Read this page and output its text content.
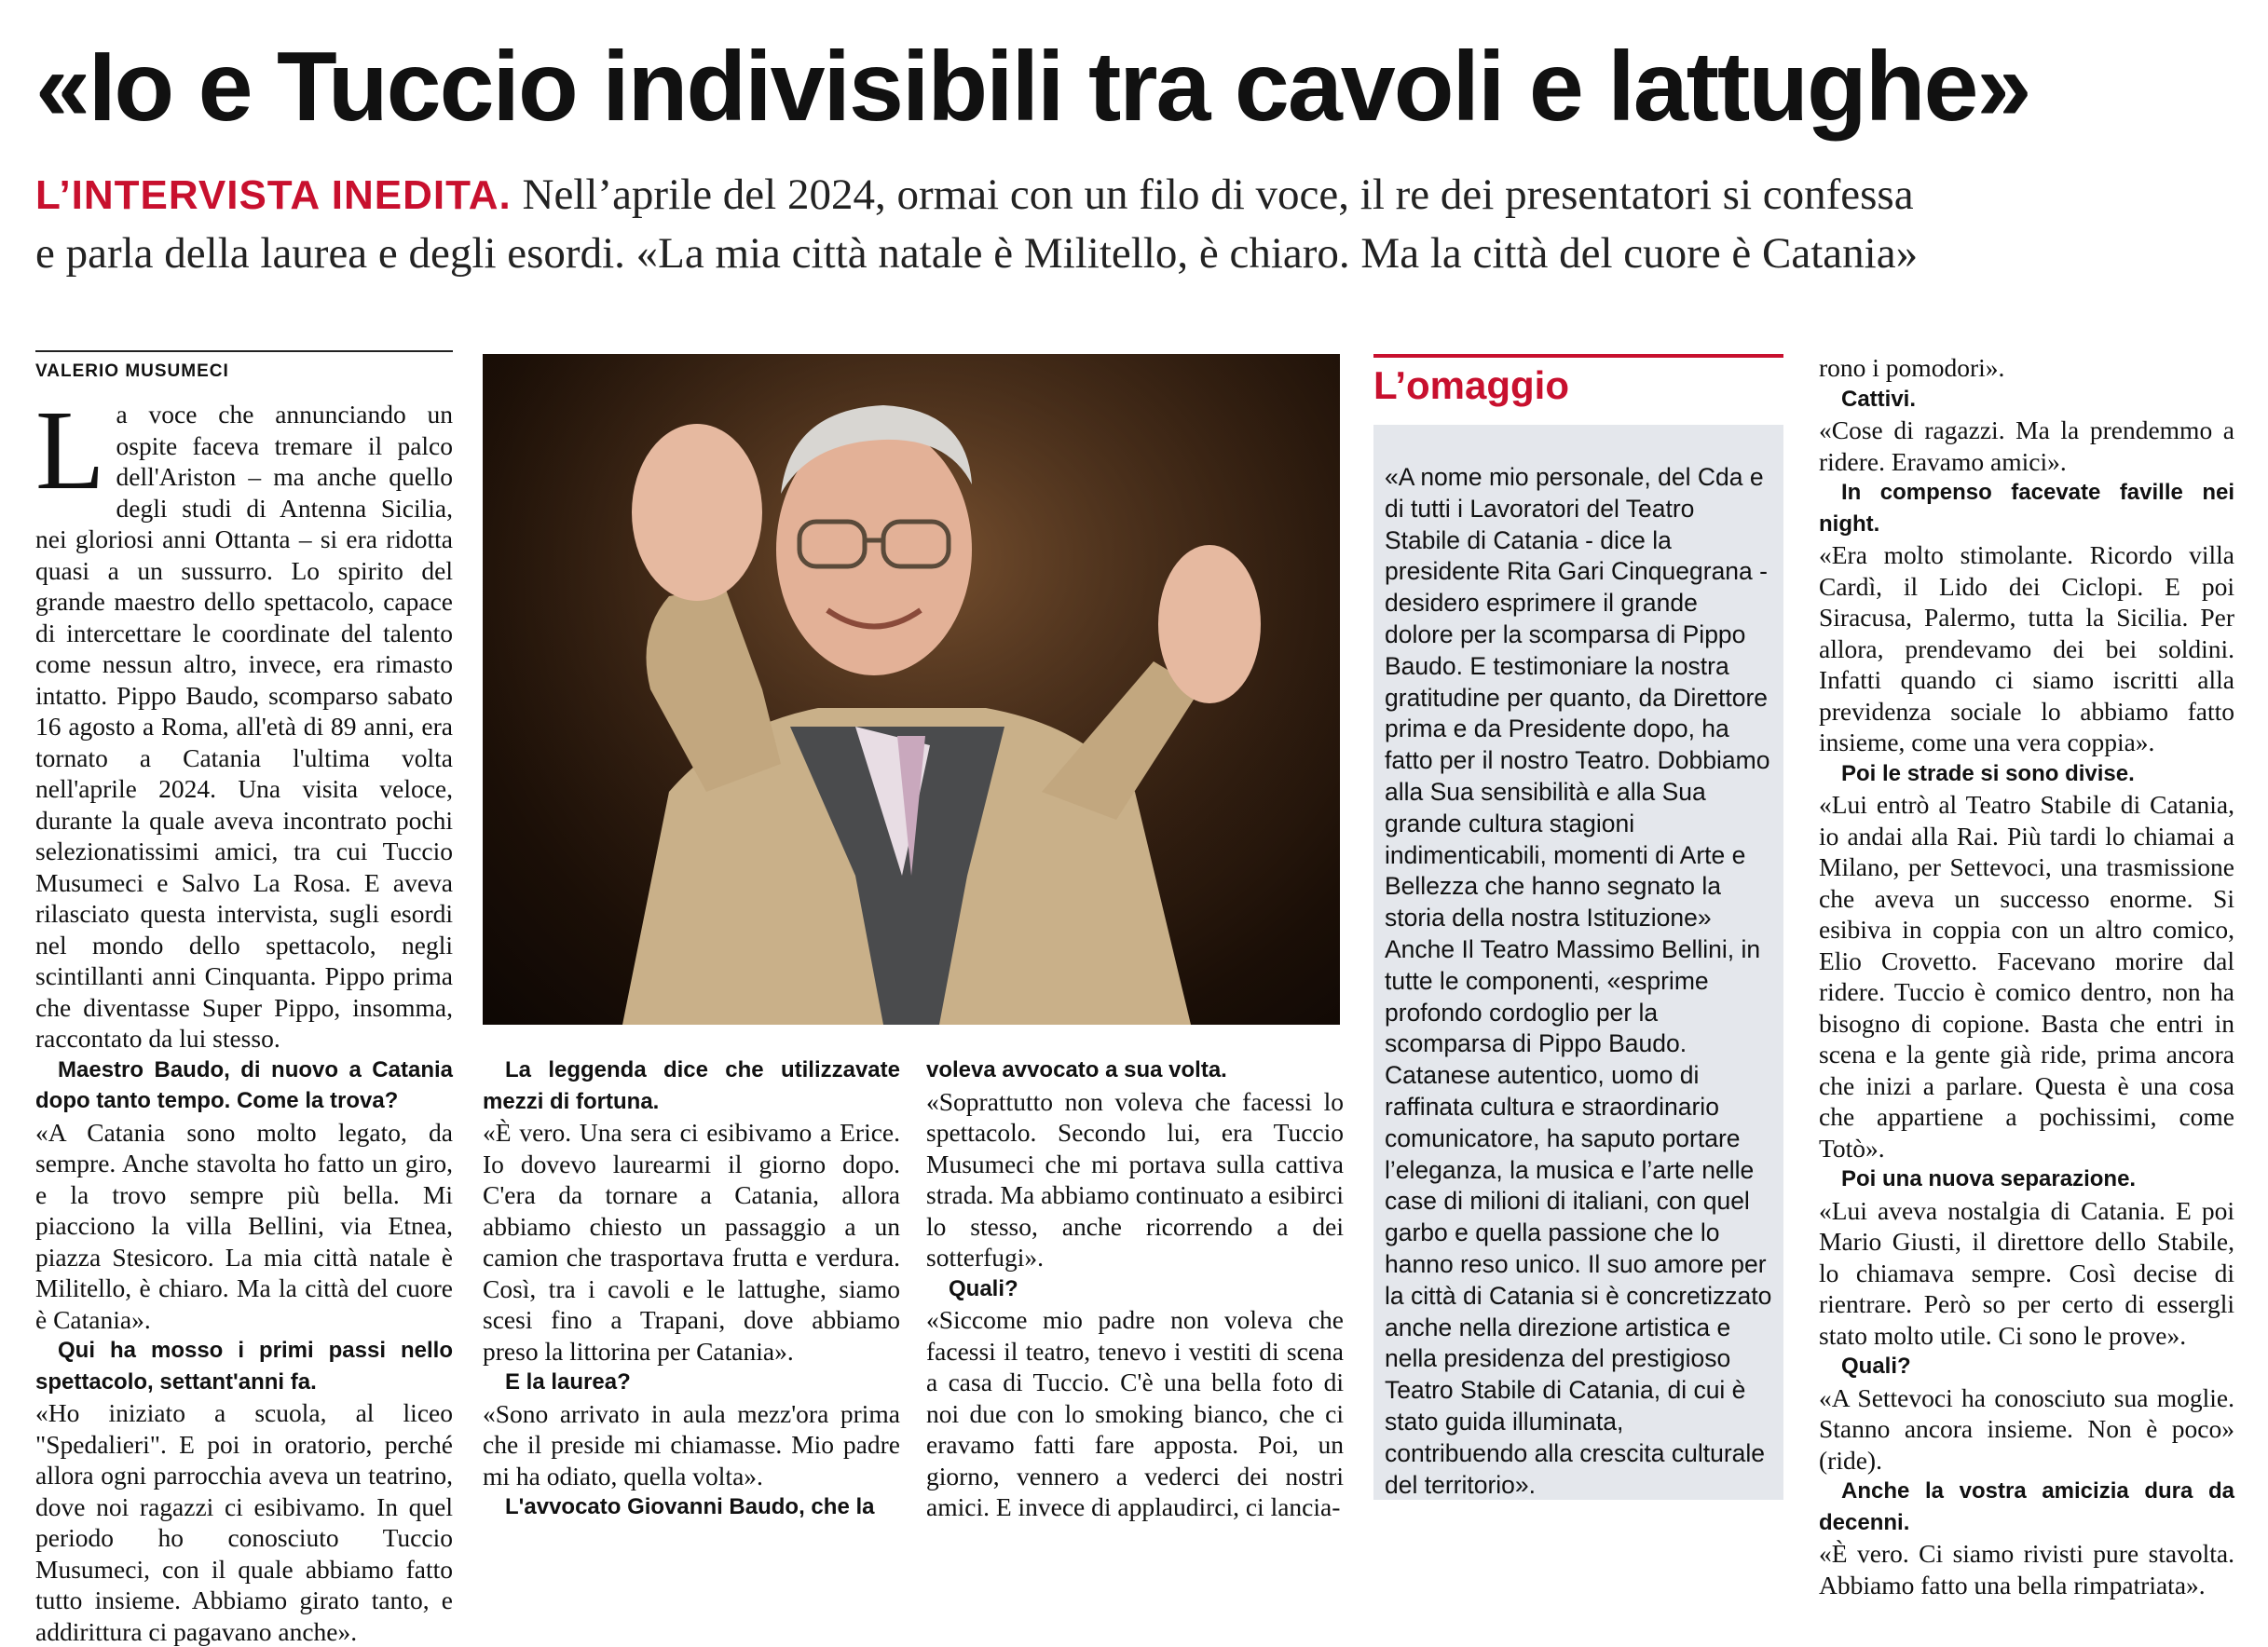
«Io e Tuccio indivisibili tra cavoli e lattughe»
L’INTERVISTA INEDITA. Nell’aprile del 2024, ormai con un filo di voce, il re dei presentatori si confessa
e parla della laurea e degli esordi. «La mia città natale è Militello, è chiaro. Ma la città del cuore è Catania»
VALERIO MUSUMECI

La voce che annunciando un ospite faceva tremare il palco dell'Ariston – ma anche quello degli studi di Antenna Sicilia, nei gloriosi anni Ottanta – si era ridotta quasi a un sussurro. Lo spirito del grande maestro dello spettacolo, capace di intercettare le coordinate del talento come nessun altro, invece, era rimasto intatto. Pippo Baudo, scomparso sabato 16 agosto a Roma, all'età di 89 anni, era tornato a Catania l'ultima volta nell'aprile 2024. Una visita veloce, durante la quale aveva incontrato pochi selezionatissimi amici, tra cui Tuccio Musumeci e Salvo La Rosa. E aveva rilasciato questa intervista, sugli esordi nel mondo dello spettacolo, negli scintillanti anni Cinquanta. Pippo prima che diventasse Super Pippo, insomma, raccontato da lui stesso.

Maestro Baudo, di nuovo a Catania dopo tanto tempo. Come la trova?

«A Catania sono molto legato, da sempre. Anche stavolta ho fatto un giro, e la trovo sempre più bella. Mi piacciono la villa Bellini, via Etnea, piazza Stesicoro. La mia città natale è Militello, è chiaro. Ma la città del cuore è Catania».

Qui ha mosso i primi passi nello spettacolo, settant'anni fa.

«Ho iniziato a scuola, al liceo "Spedalieri". E poi in oratorio, perché allora ogni parrocchia aveva un teatrino, dove noi ragazzi ci esibivamo. In quel periodo ho conosciuto Tuccio Musumeci, con il quale abbiamo fatto tutto insieme. Abbiamo girato tanto, e addirittura ci pagavano anche».

La leggenda dice che utilizzavate mezzi di fortuna.

«È vero. Una sera ci esibivamo a Erice. Io dovevo laurearmi il giorno dopo. C'era da tornare a Catania, allora abbiamo chiesto un passaggio a un camion che trasportava frutta e verdura. Così, tra i cavoli e le lattughe, siamo scesi fino a Trapani, dove abbiamo preso la littorina per Catania».

E la laurea?

«Sono arrivato in aula mezz'ora prima che il preside mi chiamasse. Mio padre mi ha odiato, quella volta».

L'avvocato Giovanni Baudo, che la

voleva avvocato a sua volta.

«Soprattutto non voleva che facessi lo spettacolo. Secondo lui, era Tuccio Musumeci che mi portava sulla cattiva strada. Ma abbiamo continuato a esibirci lo stesso, anche ricorrendo a dei sotterfugi».

Quali?

«Siccome mio padre non voleva che facessi il teatro, tenevo i vestiti di scena a casa di Tuccio. C'è una bella foto di noi due con lo smoking bianco, che ci eravamo fatti fare apposta. Poi, un giorno, vennero a vederci dei nostri amici. E invece di applaudirci, ci lancia-

L’omaggio
«A nome mio personale, del Cda e di tutti i Lavoratori del Teatro Stabile di Catania - dice la presidente Rita Gari Cinquegrana - desidero esprimere il grande dolore per la scomparsa di Pippo Baudo. E testimoniare la nostra gratitudine per quanto, da Direttore prima e da Presidente dopo, ha fatto per il nostro Teatro. Dobbiamo alla Sua sensibilità e alla Sua grande cultura stagioni indimenticabili, momenti di Arte e Bellezza che hanno segnato la storia della nostra Istituzione» Anche Il Teatro Massimo Bellini, in tutte le componenti, «esprime profondo cordoglio per la scomparsa di Pippo Baudo. Catanese autentico, uomo di raffinata cultura e straordinario comunicatore, ha saputo portare l’eleganza, la musica e l’arte nelle case di milioni di italiani, con quel garbo e quella passione che lo hanno reso unico. Il suo amore per la città di Catania si è concretizzato anche nella direzione artistica e nella presidenza del prestigioso Teatro Stabile di Catania, di cui è stato guida illuminata, contribuendo alla crescita culturale del territorio».

rono i pomodori».

Cattivi.

«Cose di ragazzi. Ma la prendemmo a ridere. Eravamo amici».

In compenso facevate faville nei night.

«Era molto stimolante. Ricordo villa Cardì, il Lido dei Ciclopi. E poi Siracusa, Palermo, tutta la Sicilia. Per allora, prendevamo dei bei soldini. Infatti quando ci siamo iscritti alla previdenza sociale lo abbiamo fatto insieme, come una vera coppia».

Poi le strade si sono divise.

«Lui entrò al Teatro Stabile di Catania, io andai alla Rai. Più tardi lo chiamai a Milano, per Settevoci, una trasmissione che aveva un successo enorme. Si esibiva in coppia con un altro comico, Elio Crovetto. Facevano morire dal ridere. Tuccio è comico dentro, non ha bisogno di copione. Basta che entri in scena e la gente già ride, prima ancora che inizi a parlare. Questa è una cosa che appartiene a pochissimi, come Totò».

Poi una nuova separazione.

«Lui aveva nostalgia di Catania. E poi Mario Giusti, il direttore dello Stabile, lo chiamava sempre. Così decise di rientrare. Però so per certo di essergli stato molto utile. Ci sono le prove».

Quali?

«A Settevoci ha conosciuto sua moglie. Stanno ancora insieme. Non è poco» (ride).

Anche la vostra amicizia dura da decenni.

«È vero. Ci siamo rivisti pure stavolta. Abbiamo fatto una bella rimpatriata».
